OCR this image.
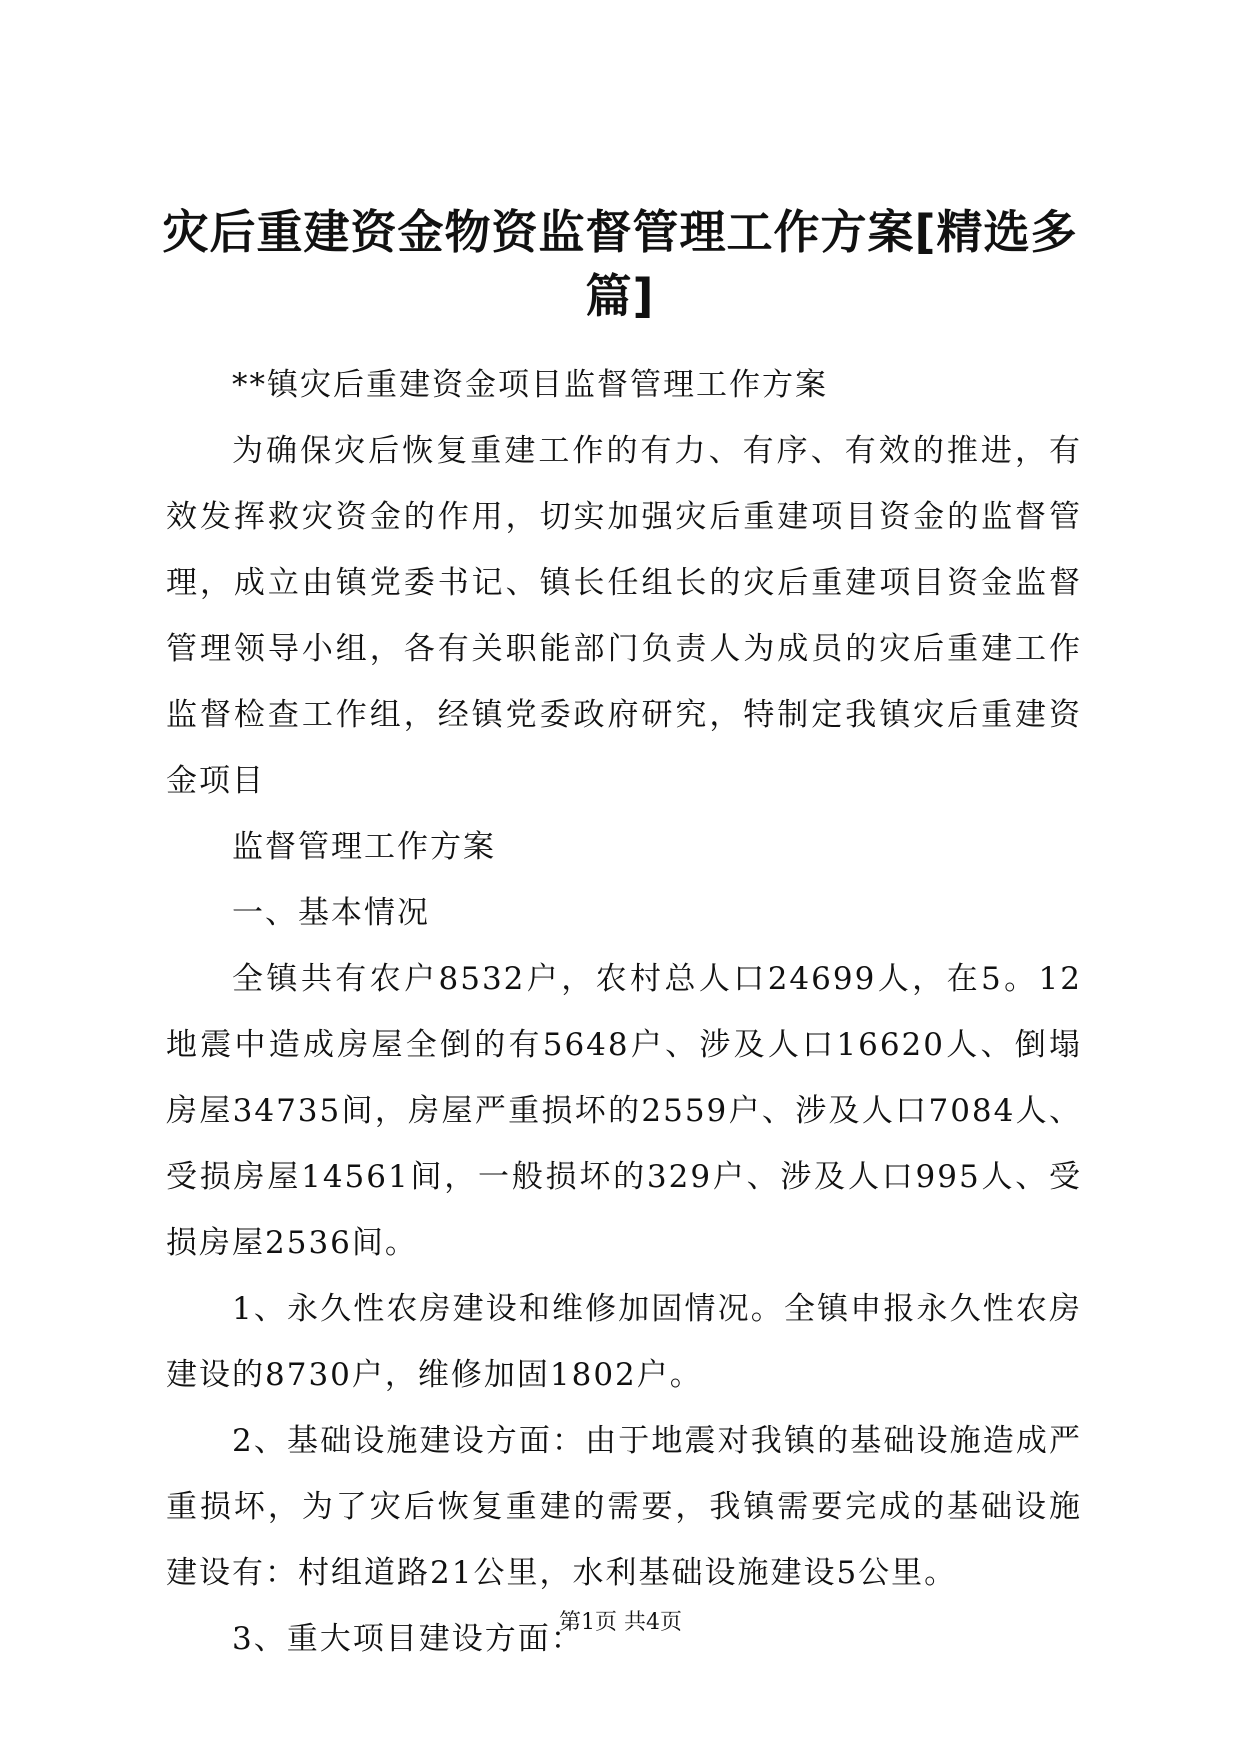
灾后重建资金物资监督管理工作方案[精选多篇]

**镇灾后重建资金项目监督管理工作方案

为确保灾后恢复重建工作的有力、有序、有效的推进，有效发挥救灾资金的作用，切实加强灾后重建项目资金的监督管理，成立由镇党委书记、镇长任组长的灾后重建项目资金监督管理领导小组，各有关职能部门负责人为成员的灾后重建工作监督检查工作组，经镇党委政府研究，特制定我镇灾后重建资金项目

监督管理工作方案

一、基本情况

全镇共有农户8532户，农村总人口24699人，在5。12地震中造成房屋全倒的有5648户、涉及人口16620人、倒塌房屋34735间，房屋严重损坏的2559户、涉及人口7084人、受损房屋14561间，一般损坏的329户、涉及人口995人、受损房屋2536间。

1、永久性农房建设和维修加固情况。全镇申报永久性农房建设的8730户，维修加固1802户。

2、基础设施建设方面：由于地震对我镇的基础设施造成严重损坏，为了灾后恢复重建的需要，我镇需要完成的基础设施建设有：村组道路21公里，水利基础设施建设5公里。

3、重大项目建设方面：

第1页 共4页
